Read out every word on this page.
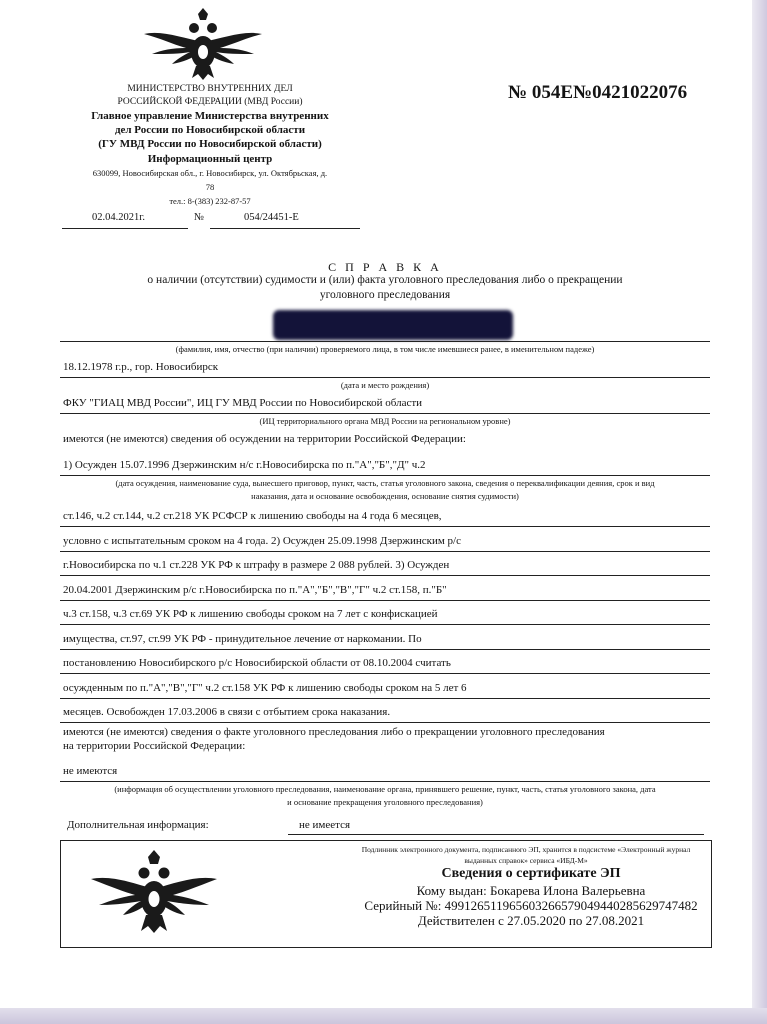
МИНИСТЕРСТВО ВНУТРЕННИХ ДЕЛ
РОССИЙСКОЙ ФЕДЕРАЦИИ (МВД России)
Главное управление Министерства внутренних
дел России по Новосибирской области
(ГУ МВД России по Новосибирской области)
Информационный центр
630099, Новосибирская обл., г. Новосибирск, ул. Октябрьская, д.
78
тел.: 8-(383) 232-87-57
№ 054Е№0421022076
02.04.2021г.	№	054/24451-Е
С П Р А В К А
о наличии (отсутствии) судимости и (или) факта уголовного преследования либо о прекращении
уголовного преследования
(фамилия, имя, отчество (при наличии) проверяемого лица, в том числе имевшиеся ранее, в именительном падеже)
18.12.1978 г.р., гор. Новосибирск
(дата и место рождения)
ФКУ "ГИАЦ МВД России", ИЦ ГУ МВД России по Новосибирской области
(ИЦ территориального органа МВД России на региональном уровне)
имеются (не имеются) сведения об осуждении на территории Российской Федерации:
1) Осужден 15.07.1996 Дзержинским н/с г.Новосибирска по п."А","Б","Д" ч.2
(дата осуждения, наименование суда, вынесшего приговор, пункт, часть, статья уголовного закона, сведения о переквалификации деяния, срок и вид
наказания, дата и основание освобождения, основание снятия судимости)
ст.146, ч.2 ст.144, ч.2 ст.218 УК РСФСР к лишению свободы на 4 года 6 месяцев,
условно с испытательным сроком на 4 года. 2) Осужден 25.09.1998 Дзержинским р/с
г.Новосибирска по ч.1 ст.228 УК РФ к штрафу в размере 2 088 рублей. 3) Осужден
20.04.2001 Дзержинским р/с г.Новосибирска по п."А","Б","В","Г" ч.2 ст.158, п."Б"
ч.3 ст.158, ч.3 ст.69 УК РФ к лишению свободы сроком на 7 лет с конфискацией
имущества, ст.97, ст.99 УК РФ - принудительное лечение от наркомании. По
постановлению Новосибирского р/с Новосибирской области от 08.10.2004 считать
осужденным по п."А","В","Г" ч.2 ст.158 УК РФ к лишению свободы сроком на 5 лет 6
месяцев. Освобожден 17.03.2006 в связи с отбытием срока наказания.
имеются (не имеются) сведения о факте уголовного преследования либо о прекращении уголовного преследования
на территории Российской Федерации:
не имеются
(информация об осуществлении уголовного преследования, наименование органа, принявшего решение, пункт, часть, статья уголовного закона, дата
и основание прекращения уголовного преследования)
Дополнительная информация:	не имеется
Подлинник электронного документа, подписанного ЭП, хранится в подсистеме «Электронный журнал
выданных справок» сервиса «ИБД-М»
Сведения о сертификате ЭП
Кому выдан: Бокарева Илона Валерьевна
Серийный №: 499126511965603266579049440285629747482
Действителен с 27.05.2020 по 27.08.2021
